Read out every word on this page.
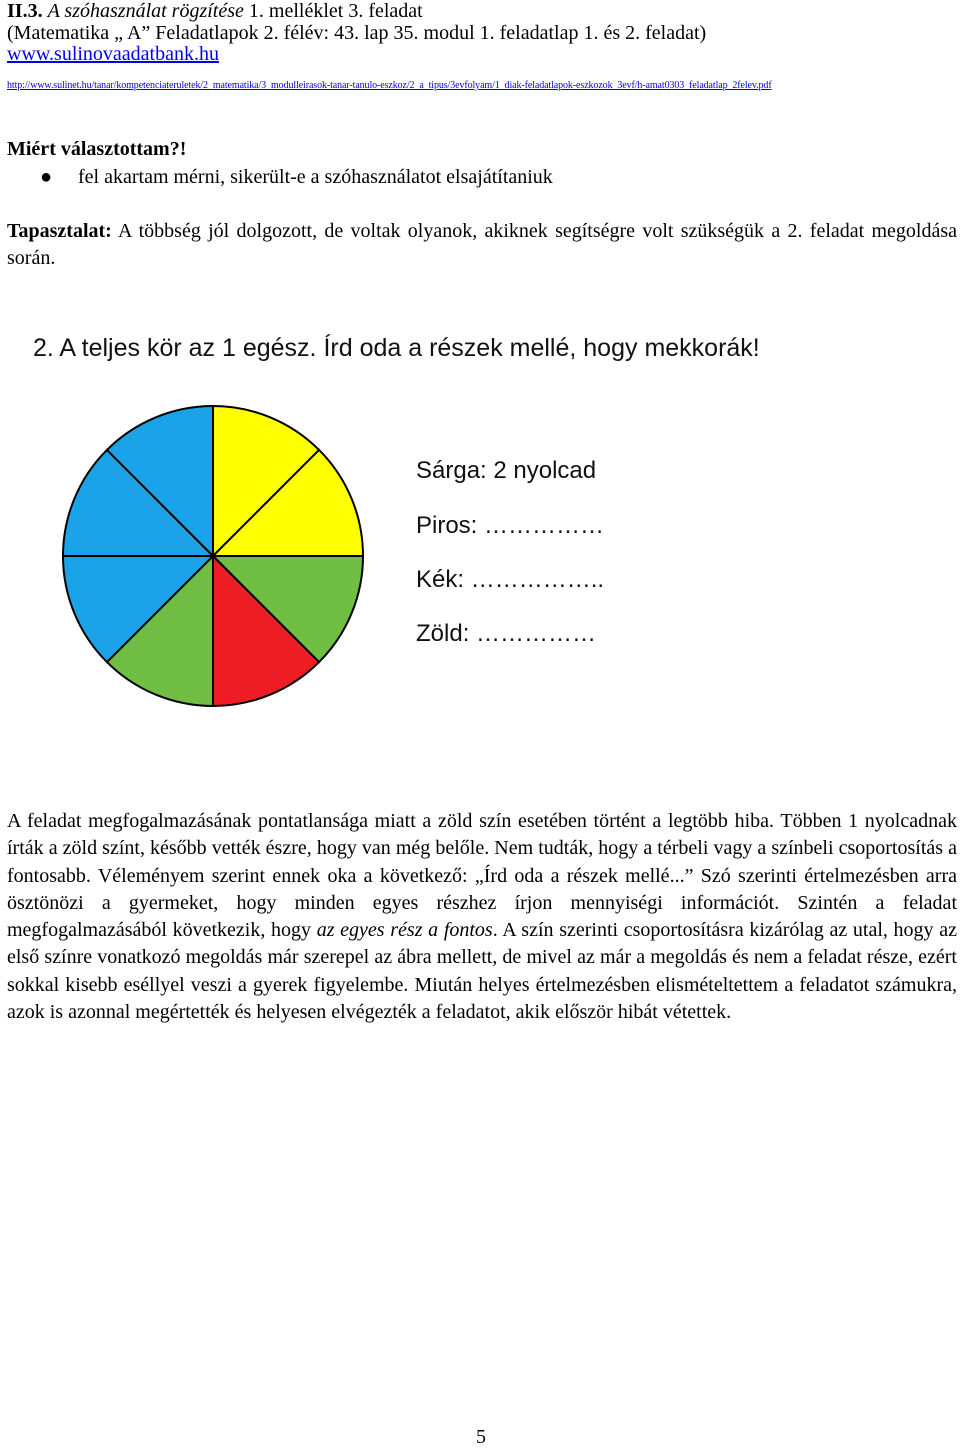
II.3. A szóhasználat rögzítése 1. melléklet 3. feladat
(Matematika „ A” Feladatlapok 2. félév: 43. lap 35. modul 1. feladatlap 1. és 2. feladat)
www.sulinovaadatbank.hu
http://www.sulinet.hu/tanar/kompetenciateruletek/2_matematika/3_modulleirasok-tanar-tanulo-eszkoz/2_a_tipus/3evfolyam/1_diak-feladatlapok-eszkozok_3evf/h-amat0303_feladatlap_2felev.pdf
Miért választottam?!
●	fel akartam mérni, sikerült-e a szóhasználatot elsajátítaniuk
Tapasztalat: A többség jól dolgozott, de voltak olyanok, akiknek segítségre volt szükségük a 2. feladat megoldása során.
2. A teljes kör az 1 egész. Írd oda a részek mellé, hogy mekkorák!
Sárga: 2 nyolcad
Piros: ……………
Kék: ……………..
Zöld: ……………
A feladat megfogalmazásának pontatlansága miatt a zöld szín esetében történt a legtöbb hiba. Többen 1 nyolcadnak írták a zöld színt, később vették észre, hogy van még belőle. Nem tudták, hogy a térbeli vagy a színbeli csoportosítás a fontosabb. Véleményem szerint ennek oka a következő: „Írd oda a részek mellé...” Szó szerinti értelmezésben arra ösztönözi a gyermeket, hogy minden egyes részhez írjon mennyiségi információt. Szintén a feladat megfogalmazásából következik, hogy az egyes rész a fontos. A szín szerinti csoportosításra kizárólag az utal, hogy az első színre vonatkozó megoldás már szerepel az ábra mellett, de mivel az már a megoldás és nem a feladat része, ezért sokkal kisebb eséllyel veszi a gyerek figyelembe. Miután helyes értelmezésben elismételtettem a feladatot számukra, azok is azonnal megértették és helyesen elvégezték a feladatot, akik először hibát vétettek.
5
